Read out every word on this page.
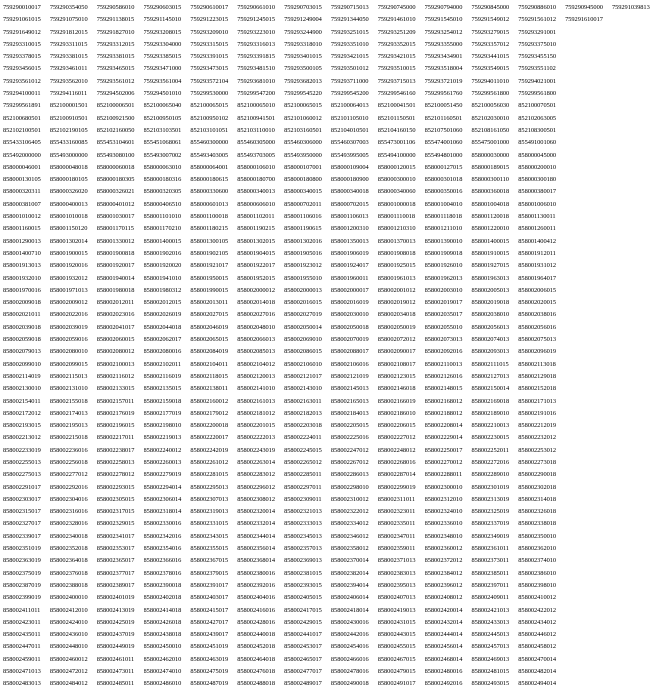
759290010017	759290354050	759290586010	759290603015	759290610017	759290661010	759290703015	759290715013	759290745000	759290794000	759290845000	759290886010	759290945000	759291039813
759291061015	759291075010	759291138015	759291145010	759291223015	759291245015	759291249004	759291344050	759291461010	759291545010	759291549012	759291561012	759291610017
759291649012	759291812015	759291827010	759293208015	759293209010	759293223010	759293244900	759293251015	759293251209	759293254012	759293279015	759293291001
759293310015	759293311015	759293312015	759293304000	759293315015	759293316013	759293318010	759293351010	759293352015	759293355000	759293357012	759293375010
759293378015	759293381015	759293381015	759293385015	759293391015	759293391815	759293401015	759293421015	759293421015	759293434901	759293441015	759293455150
759293456015	759293461011	759293465015	759293471000	759293473015	759293481510	759293500105	759293501012	759293510015	759293518004	759293549015	759293551102
759293561012	759293562010	759293561012	759293561004	759293572104	759293681010	759293682013	759293711000	759293715013	759293721019	759294011010	759294021001
759294100011	759294116011	759294502006	759294501010	759299530000	759299547200	759299545220	759299545200	759299546160	759299561760	759299561800	759299561800
759299561891	852100001501	852100006501	852100065040	852100065015	852100065010	852100065015	852100064013	852100041501	852100051450	852100056030	852100070501
852100680501	852100910501	852100921500	852100950105	852100950102	852100941501	852101060012	852101105010	852101150501	852101160501	852102030010	852102063005
852102100501	852102190105	852102160050	852103103501	852103101051	852103110010	852103160501	852104010501	852104160150	852107501060	852108161050	852108300501
855433106405	855433160085	855453104601	855451068061	855460300000	855460305000	855460306000	855460307003	855473001106	855474001060	855475001000	855491001060
855492000000	855493000000	855493080100	855493007002	855493403005	855493703005	855493950000	855493995005	855494100000	855494801000	858000030000	858000045000
858000046001	858000048018	858000060018	858000063010	858000064001	858000106010	858000107001	858000109004	858000120015	858000127015	858000189015	858000200010
858000130105	858000180105	858000180305	858000180316	858000180615	858000180700	858000180800	858000180900	858000300010	858000301018	858000300110	858000300180
858000320311	858000326020	858000326021	858000320305	858000330600	858000340013	858000340015	858000340018	858000340060	858000350016	858000360018	858000380017
858000381007	858000400013	858000401012	858000406510	858000601013	858000606010	858000702011	858000702015	858001000018	858001004010	858001004018	858001006010
858001010012	858001010018	858001030017	858001101010	858001100018	858001102011	858001106016	858001106013	858001110018	858001118018	858001120018	858001130011
858001160015	858001150120	858001170115	858001170210	858001180215	858001190215	858001190615	858001200310	858001210310	858001211010	858001220010	858001260011
858001290013	858001302014	858001330012	858001400015	858001300105	858001302015	858001302016	858001350013	858001370013	858001390010	858001400015	858001400412
858001400710	858001900015	858001900818	858001902016	858001902105	858001904015	858001905016	858001906019	858001908018	858001909018	858001910015	858001912011
858001913013	858001920016	858001920017	858001920020	858001921017	858001922017	858001923012	858001924017	858001925015	858001926010	858001927015	858001931012
858001932010	858001932012	858001940014	858001941010	858001950015	858001952015	858001955010	858001960011	858001961013	858001962013	858001963013	858001964017
858001970016	858001971013	858001980018	858001980312	858001990015	858002000012	858002000013	858002000017	858002001012	858002003010	858002005013	858002006015
858002009018	858002009012	858002012011	858002012015	858002013011	858002014018	858002016015	858002016019	858002019012	858002019017	858002019018	858002020015
858002021011	858002022016	858002023016	858002026019	858002027015	858002027016	858002027019	858002030010	858002034018	858002035017	858002038010	858002038016
858002039018	858002039019	858002041017	858002044018	858002046019	858002048010	858002050014	858002050018	858002050019	858002055010	858002056013	858002056016
858002059018	858002059016	858002060015	858002062017	858002065015	858002066013	858002069010	858002070019	858002072012	858002073013	858002074013	858002075013
858002079013	858002080010	858002080012	858002080016	858002084019	858002085013	858002086015	858002088017	858002090017	858002092016	858002093013	858002096019
858002099010	858002099015	858002100013	858002102011	858002104011	858002104012	858002106010	858002106016	858002108017	858002110013	858002111015	858002113018
858002114019	858002115013	858002116012	858002116019	858002118015	858002120013	858002121017	858002121019	858002123015	858002126016	858002127013	858002129018
858002130010	858002131010	858002133015	858002135015	858002138011	858002141010	858002143010	858002145013	858002146018	858002148015	858002150014	858002152018
858002154011	858002155018	858002157011	858002159018	858002160012	858002161013	858002163011	858002165013	858002166019	858002168012	858002169018	858002171013
858002172012	858002174013	858002176019	858002177019	858002179012	858002181012	858002182013	858002184013	858002186010	858002188012	858002189010	858002191016
858002193015	858002195013	858002196015	858002198010	858002200018	858002201015	858002203018	858002205015	858002206015	858002208014	858002210013	858002212019
858002213012	858002215018	858002217011	858002219013	858002220017	858002222013	858002224011	858002225016	858002227012	858002229014	858002230015	858002232012
858002233019	858002236016	858002238017	858002240012	858002242019	858002243019	858002245015	858002247012	858002248012	858002250017	858002252011	858002253012
858002255013	858002256018	858002258013	858002260013	858002261012	858002263014	858002265012	858002267012	858002268016	858002270012	858002272016	858002273018
858002275013	858002277012	858002278012	858002279019	858002281015	858002283012	858002285011	858002286013	858002287014	858002288011	858002289010	858002290018
858002291017	858002292016	858002293015	858002294014	858002295013	858002296012	858002297011	858002298010	858002299019	858002300010	858002301019	858002302018
858002303017	858002304016	858002305015	858002306014	858002307013	858002308012	858002309011	858002310012	858002311011	858002312010	858002313019	858002314018
858002315017	858002316016	858002317015	858002318014	858002319013	858002320014	858002321013	858002322012	858002323011	858002324010	858002325019	858002326018
858002327017	858002328016	858002329015	858002330016	858002331015	858002332014	858002333013	858002334012	858002335011	858002336010	858002337019	858002338018
858002339017	858002340018	858002341017	858002342016	858002343015	858002344014	858002345013	858002346012	858002347011	858002348010	858002349019	858002350010
858002351019	858002352018	858002353017	858002354016	858002355015	858002356014	858002357013	858002358012	858002359011	858002360012	858002361011	858002362010
858002363019	858002364018	858002365017	858002366016	858002367015	858002368014	858002369013	858002370014	858002371013	858002372012	858002373011	858002374010
858002375019	858002376018	858002377017	858002378016	858002379015	858002380016	858002381015	858002382014	858002383013	858002384012	858002385011	858002386010
858002387019	858002388018	858002389017	858002390018	858002391017	858002392016	858002393015	858002394014	858002395013	858002396012	858002397011	858002398010
858002399019	858002400010	858002401019	858002402018	858002403017	858002404016	858002405015	858002406014	858002407013	858002408012	858002409011	858002410012
858002411011	858002412010	858002413019	858002414018	858002415017	858002416016	858002417015	858002418014	858002419013	858002420014	858002421013	858002422012
858002423011	858002424010	858002425019	858002426018	858002427017	858002428016	858002429015	858002430016	858002431015	858002432014	858002433013	858002434012
858002435011	858002436010	858002437019	858002438018	858002439017	858002440018	858002441017	858002442016	858002443015	858002444014	858002445013	858002446012
858002447011	858002448010	858002449019	858002450010	858002451019	858002452018	858002453017	858002454016	858002455015	858002456014	858002457013	858002458012
858002459011	858002460012	858002461011	858002462010	858002463019	858002464018	858002465017	858002466016	858002467015	858002468014	858002469013	858002470014
858002471013	858002472012	858002473011	858002474010	858002475019	858002476018	858002477017	858002478016	858002479015	858002480016	858002481015	858002482014
858002483013	858002484012	858002485011	858002486010	858002487019	858002488018	858002489017	858002490018	858002491017	858002492016	858002493015	858002494014
